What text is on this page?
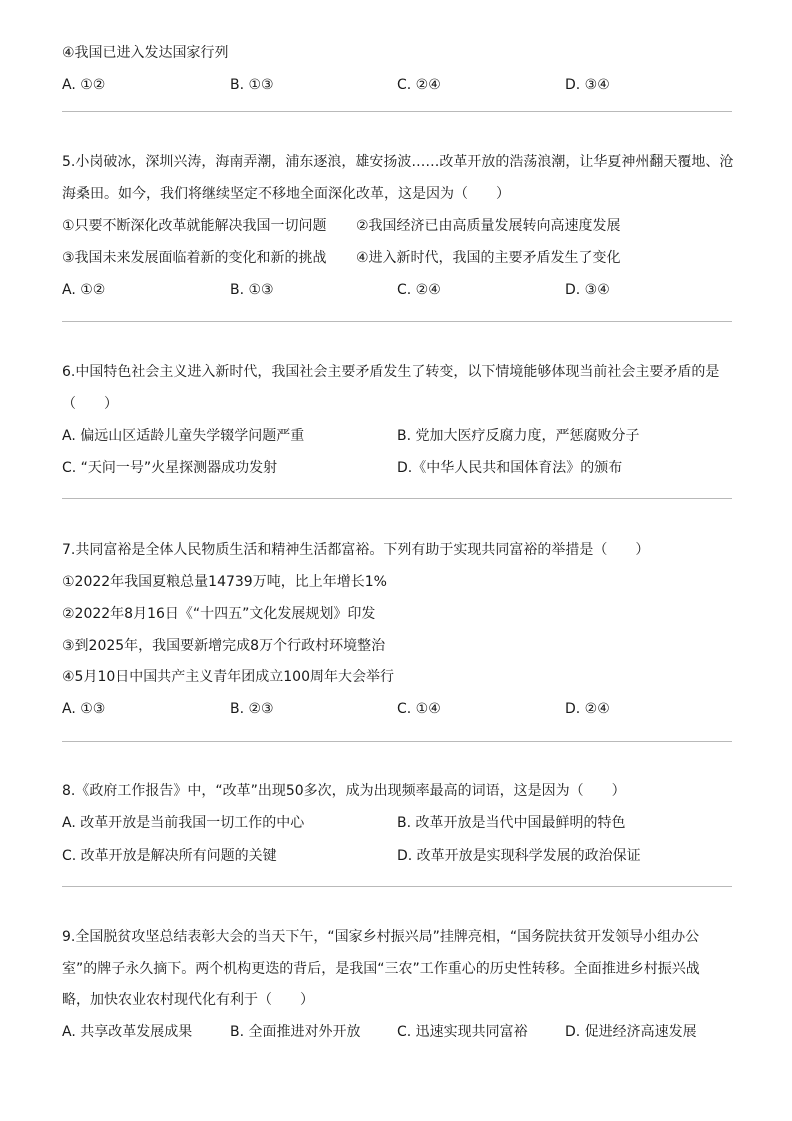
④我国已进入发达国家行列
A. ①②	B. ①③	C. ②④	D. ③④
5.小岗破冰，深圳兴涛，海南弄潮，浦东逐浪，雄安扬波……改革开放的浩荡浪潮，让华夏神州翻天覆地、沧
海桑田。如今，我们将继续坚定不移地全面深化改革，这是因为（　　）
①只要不断深化改革就能解决我国一切问题 ②我国经济已由高质量发展转向高速度发展
③我国未来发展面临着新的变化和新的挑战 ④进入新时代，我国的主要矛盾发生了变化
A. ①②	B. ①③	C. ②④	D. ③④
6.中国特色社会主义进入新时代，我国社会主要矛盾发生了转变，以下情境能够体现当前社会主要矛盾的是
（　　）
A. 偏远山区适龄儿童失学辍学问题严重	B. 党加大医疗反腐力度，严惩腐败分子
C. “天问一号”火星探测器成功发射	D.《中华人民共和国体育法》的颁布
7.共同富裕是全体人民物质生活和精神生活都富裕。下列有助于实现共同富裕的举措是（　　）
①2022年我国夏粮总量14739万吨，比上年增长1%
②2022年8月16日《“十四五”文化发展规划》印发
③到2025年，我国要新增完成8万个行政村环境整治
④5月10日中国共产主义青年团成立100周年大会举行
A. ①③	B. ②③	C. ①④	D. ②④
8.《政府工作报告》中，“改革”出现50多次，成为出现频率最高的词语，这是因为（　　）
A. 改革开放是当前我国一切工作的中心	B. 改革开放是当代中国最鲜明的特色
C. 改革开放是解决所有问题的关键	D. 改革开放是实现科学发展的政治保证
9.全国脱贫攻坚总结表彰大会的当天下午，“国家乡村振兴局”挂牌亮相，“国务院扶贫开发领导小组办公
室”的牌子永久摘下。两个机构更迭的背后，是我国“三农”工作重心的历史性转移。全面推进乡村振兴战
略，加快农业农村现代化有利于（　　）
A. 共享改革发展成果	B. 全面推进对外开放	C. 迅速实现共同富裕	D. 促进经济高速发展
